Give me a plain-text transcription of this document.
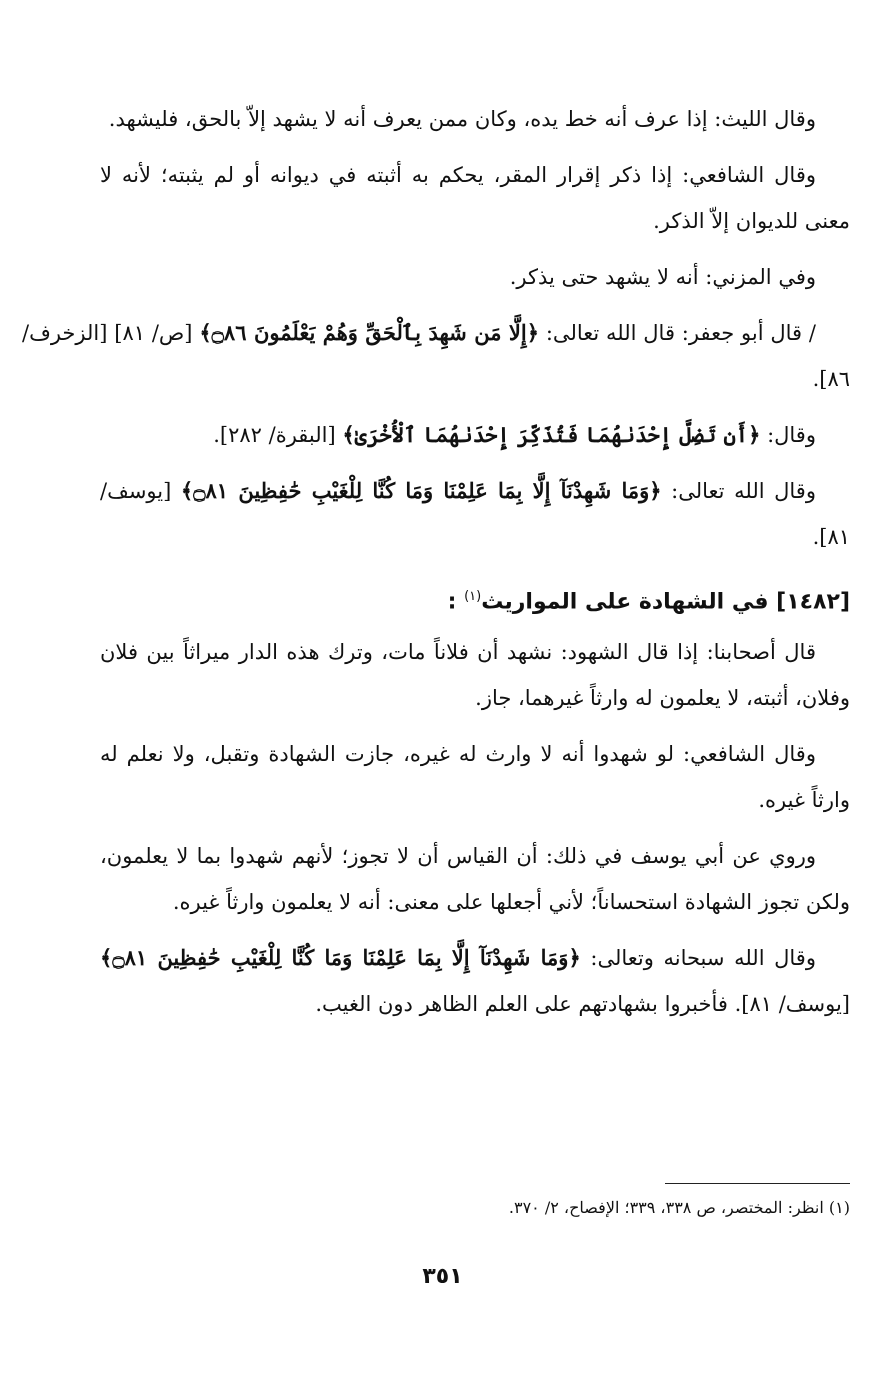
وقال الليث: إذا عرف أنه خط يده، وكان ممن يعرف أنه لا يشهد إلاّ بالحق، فليشهد.

وقال الشافعي: إذا ذكر إقرار المقر، يحكم به أثبته في ديوانه أو لم يثبته؛ لأنه لا معنى للديوان إلاّ الذكر.

وفي المزني: أنه لا يشهد حتى يذكر.

/ قال أبو جعفر: قال الله تعالى: ﴿إِلَّا مَن شَهِدَ بِٱلْحَقِّ وَهُمْ يَعْلَمُونَ ۝٨٦﴾ [ص/ ٨١] [الزخرف/ ٨٦].

وقال: ﴿أَن تَضِلَّ إِحْدَىٰهُمَا فَتُذَكِّرَ إِحْدَىٰهُمَا ٱلْأُخْرَىٰ﴾ [البقرة/ ٢٨٢].

وقال الله تعالى: ﴿وَمَا شَهِدْنَآ إِلَّا بِمَا عَلِمْنَا وَمَا كُنَّا لِلْغَيْبِ حَٰفِظِينَ ۝٨١﴾ [يوسف/ ٨١].

[١٤٨٢] في الشهادة على المواريث$^{(١)}$ :

قال أصحابنا: إذا قال الشهود: نشهد أن فلاناً مات، وترك هذه الدار ميراثاً بين فلان وفلان، أثبته، لا يعلمون له وارثاً غيرهما، جاز.

وقال الشافعي: لو شهدوا أنه لا وارث له غيره، جازت الشهادة وتقبل، ولا نعلم له وارثاً غيره.

وروي عن أبي يوسف في ذلك: أن القياس أن لا تجوز؛ لأنهم شهدوا بما لا يعلمون، ولكن تجوز الشهادة استحساناً؛ لأني أجعلها على معنى: أنه لا يعلمون وارثاً غيره.

وقال الله سبحانه وتعالى: ﴿وَمَا شَهِدْنَآ إِلَّا بِمَا عَلِمْنَا وَمَا كُنَّا لِلْغَيْبِ حَٰفِظِينَ ۝٨١﴾ [يوسف/ ٨١]. فأخبروا بشهادتهم على العلم الظاهر دون الغيب.

(١) انظر: المختصر، ص ٣٣٨، ٣٣٩؛ الإفصاح، ٢/ ٣٧٠.
٣٥١
